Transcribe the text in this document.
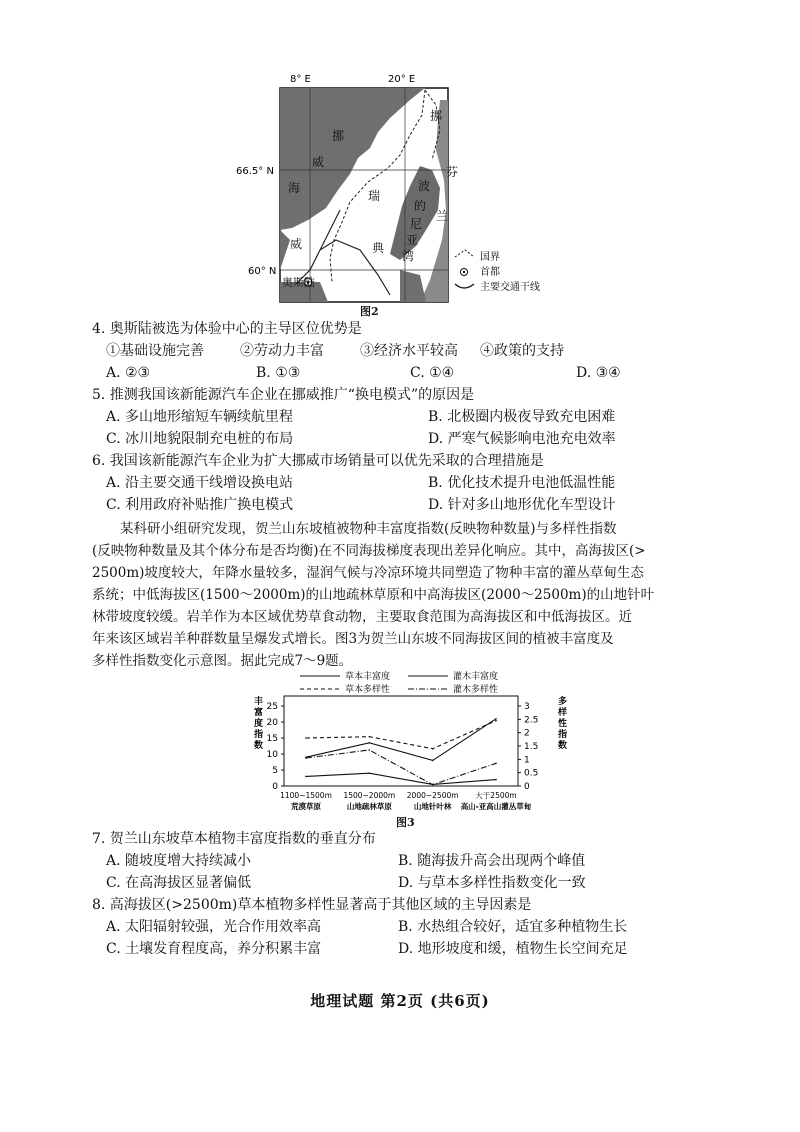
8° E	20° E
66.5° N
60° N
挪
威
海
挪
芬
瑞
典
波
的
尼
亚
湾
兰
威
奥斯陆
国界
首都
主要交通干线
图2
4. 奥斯陆被选为体验中心的主导区位优势是
①基础设施完善	②劳动力丰富	③经济水平较高 ④政策的支持
A. ②③	B. ①③	C. ①④	D. ③④
5. 推测我国该新能源汽车企业在挪威推广“换电模式”的原因是
A. 多山地形缩短车辆续航里程	B. 北极圈内极夜导致充电困难
C. 冰川地貌限制充电桩的布局	D. 严寒气候影响电池充电效率
6. 我国该新能源汽车企业为扩大挪威市场销量可以优先采取的合理措施是
A. 沿主要交通干线增设换电站	B. 优化技术提升电池低温性能
C. 利用政府补贴推广换电模式	D. 针对多山地形优化车型设计
某科研小组研究发现，贺兰山东坡植被物种丰富度指数(反映物种数量)与多样性指数
(反映物种数量及其个体分布是否均衡)在不同海拔梯度表现出差异化响应。其中，高海拔区(>
2500m)坡度较大，年降水量较多，湿润气候与冷凉环境共同塑造了物种丰富的灌丛草甸生态
系统；中低海拔区(1500～2000m)的山地疏林草原和中高海拔区(2000～2500m)的山地针叶
林带坡度较缓。岩羊作为本区域优势草食动物，主要取食范围为高海拔区和中低海拔区。近
年来该区域岩羊种群数量呈爆发式增长。图3为贺兰山东坡不同海拔区间的植被丰富度及
多样性指数变化示意图。据此完成7～9题。
草本丰富度	灌木丰富度
草本多样性	灌木多样性
0
5
10
15
20
25
0
0.5
1
1.5
2
2.5
3
1100~1500m
荒漠草原
1500~2000m
山地疏林草原
2000~2500m
山地针叶林
大于2500m
高山-亚高山灌丛草甸
丰富度指数
多样性指数
图3
7. 贺兰山东坡草本植物丰富度指数的垂直分布
A. 随坡度增大持续减小	B. 随海拔升高会出现两个峰值
C. 在高海拔区显著偏低	D. 与草本多样性指数变化一致
8. 高海拔区(>2500m)草本植物多样性显著高于其他区域的主导因素是
A. 太阳辐射较强，光合作用效率高	B. 水热组合较好，适宜多种植物生长
C. 土壤发育程度高，养分积累丰富	D. 地形坡度和缓，植物生长空间充足
地理试题 第2页 (共6页)
